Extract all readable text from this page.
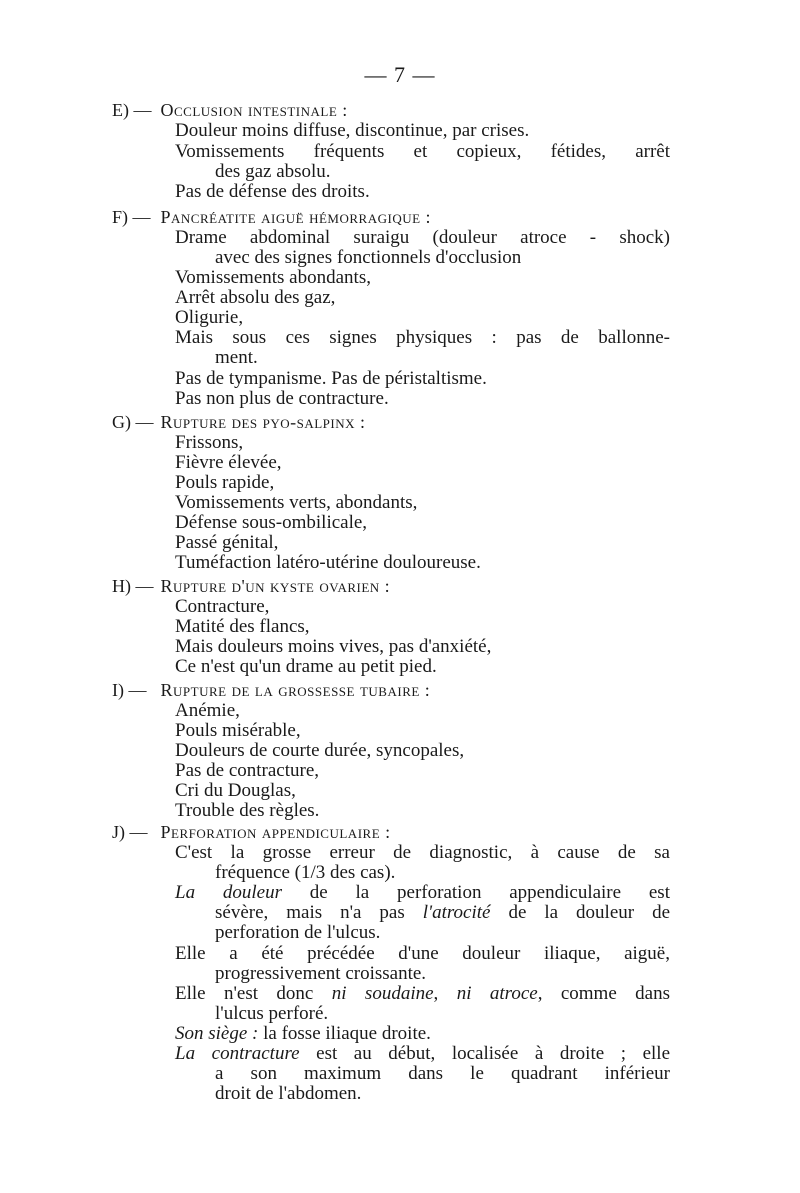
— 7 —
E) — Occlusion intestinale :
Douleur moins diffuse, discontinue, par crises.
Vomissements fréquents et copieux, fétides, arrêt
des gaz absolu.
Pas de défense des droits.
F) — Pancréatite aiguë hémorragique :
Drame abdominal suraigu (douleur atroce - shock)
avec des signes fonctionnels d'occlusion
Vomissements abondants,
Arrêt absolu des gaz,
Oligurie,
Mais sous ces signes physiques : pas de ballonne-
ment.
Pas de tympanisme. Pas de péristaltisme.
Pas non plus de contracture.
G) — Rupture des pyo-salpinx :
Frissons,
Fièvre élevée,
Pouls rapide,
Vomissements verts, abondants,
Défense sous-ombilicale,
Passé génital,
Tuméfaction latéro-utérine douloureuse.
H) — Rupture d'un kyste ovarien :
Contracture,
Matité des flancs,
Mais douleurs moins vives, pas d'anxiété,
Ce n'est qu'un drame au petit pied.
I) — Rupture de la grossesse tubaire :
Anémie,
Pouls misérable,
Douleurs de courte durée, syncopales,
Pas de contracture,
Cri du Douglas,
Trouble des règles.
J) — Perforation appendiculaire :
C'est la grosse erreur de diagnostic, à cause de sa
fréquence (1/3 des cas).
La douleur de la perforation appendiculaire est
sévère, mais n'a pas l'atrocité de la douleur de
perforation de l'ulcus.
Elle a été précédée d'une douleur iliaque, aiguë,
progressivement croissante.
Elle n'est donc ni soudaine, ni atroce, comme dans
l'ulcus perforé.
Son siège : la fosse iliaque droite.
La contracture est au début, localisée à droite ; elle
a son maximum dans le quadrant inférieur
droit de l'abdomen.
